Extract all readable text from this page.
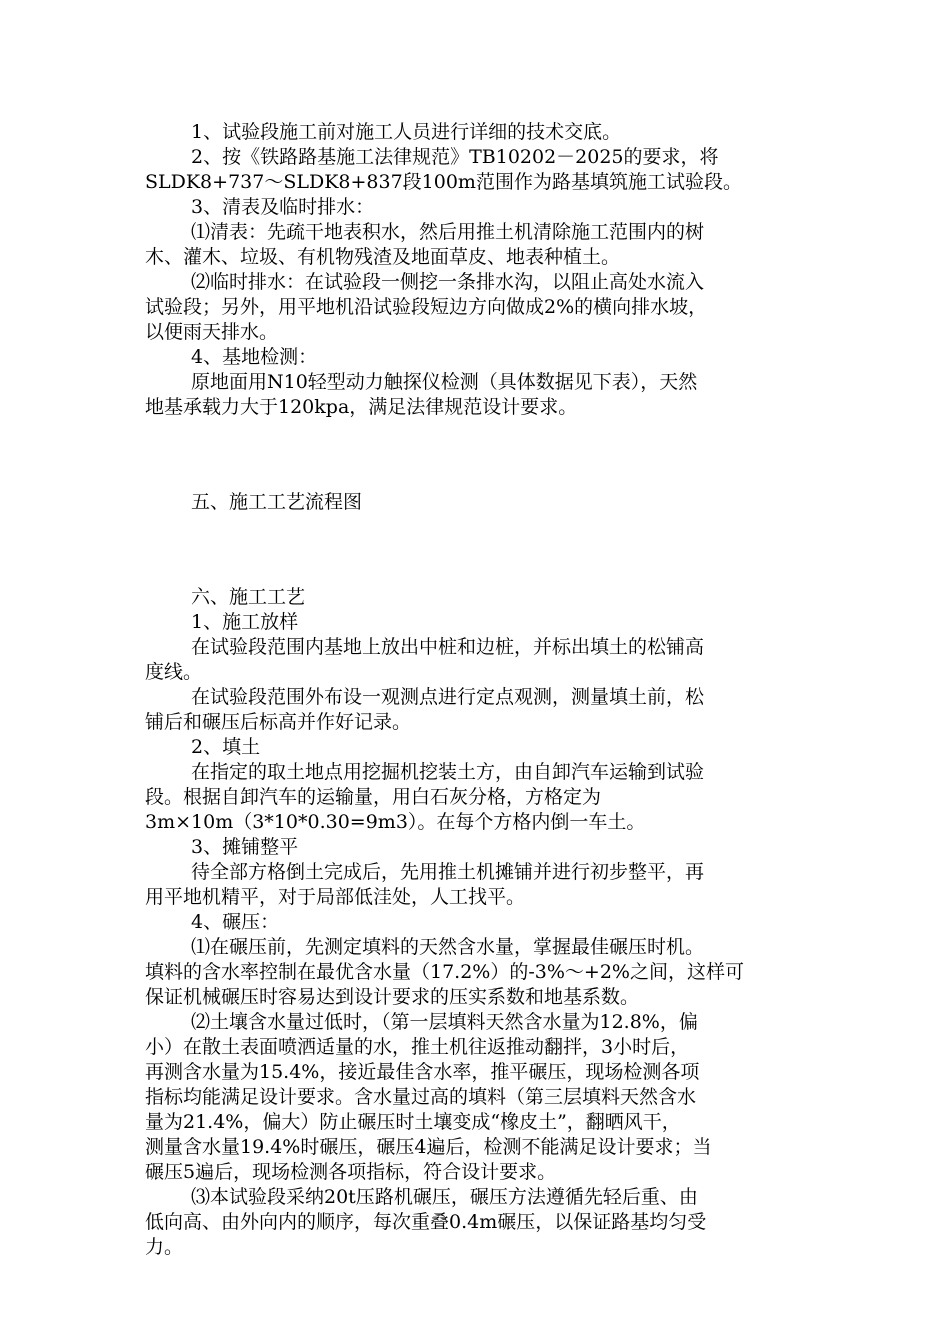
1、试验段施工前对施工人员进行详细的技术交底。

2、按《铁路路基施工法律规范》TB10202－2025的要求，将

SLDK8+737～SLDK8+837段100m范围作为路基填筑施工试验段。

3、清表及临时排水：

⑴清表：先疏干地表积水，然后用推土机清除施工范围内的树

木、灌木、垃圾、有机物残渣及地面草皮、地表种植土。

⑵临时排水：在试验段一侧挖一条排水沟，以阻止高处水流入

试验段；另外，用平地机沿试验段短边方向做成2%的横向排水坡，

以便雨天排水。

4、基地检测：

原地面用N10轻型动力触探仪检测（具体数据见下表），天然

地基承载力大于120kpa，满足法律规范设计要求。

五、施工工艺流程图

六、施工工艺

1、施工放样

在试验段范围内基地上放出中桩和边桩，并标出填土的松铺高

度线。

在试验段范围外布设一观测点进行定点观测，测量填土前，松

铺后和碾压后标高并作好记录。

2、填土

在指定的取土地点用挖掘机挖装土方，由自卸汽车运输到试验

段。根据自卸汽车的运输量，用白石灰分格，方格定为

3m×10m（3*10*0.30=9m3）。在每个方格内倒一车土。

3、摊铺整平

待全部方格倒土完成后，先用推土机摊铺并进行初步整平，再

用平地机精平，对于局部低洼处，人工找平。

4、碾压：

⑴在碾压前，先测定填料的天然含水量，掌握最佳碾压时机。

填料的含水率控制在最优含水量（17.2%）的-3%～+2%之间，这样可

保证机械碾压时容易达到设计要求的压实系数和地基系数。

⑵土壤含水量过低时，（第一层填料天然含水量为12.8%，偏

小）在散土表面喷洒适量的水，推土机往返推动翻拌，3小时后，

再测含水量为15.4%，接近最佳含水率，推平碾压，现场检测各项

指标均能满足设计要求。含水量过高的填料（第三层填料天然含水

量为21.4%，偏大）防止碾压时土壤变成“橡皮土”，翻晒风干，

测量含水量19.4%时碾压，碾压4遍后，检测不能满足设计要求；当

碾压5遍后，现场检测各项指标，符合设计要求。

⑶本试验段采纳20t压路机碾压，碾压方法遵循先轻后重、由

低向高、由外向内的顺序，每次重叠0.4m碾压，以保证路基均匀受

力。
